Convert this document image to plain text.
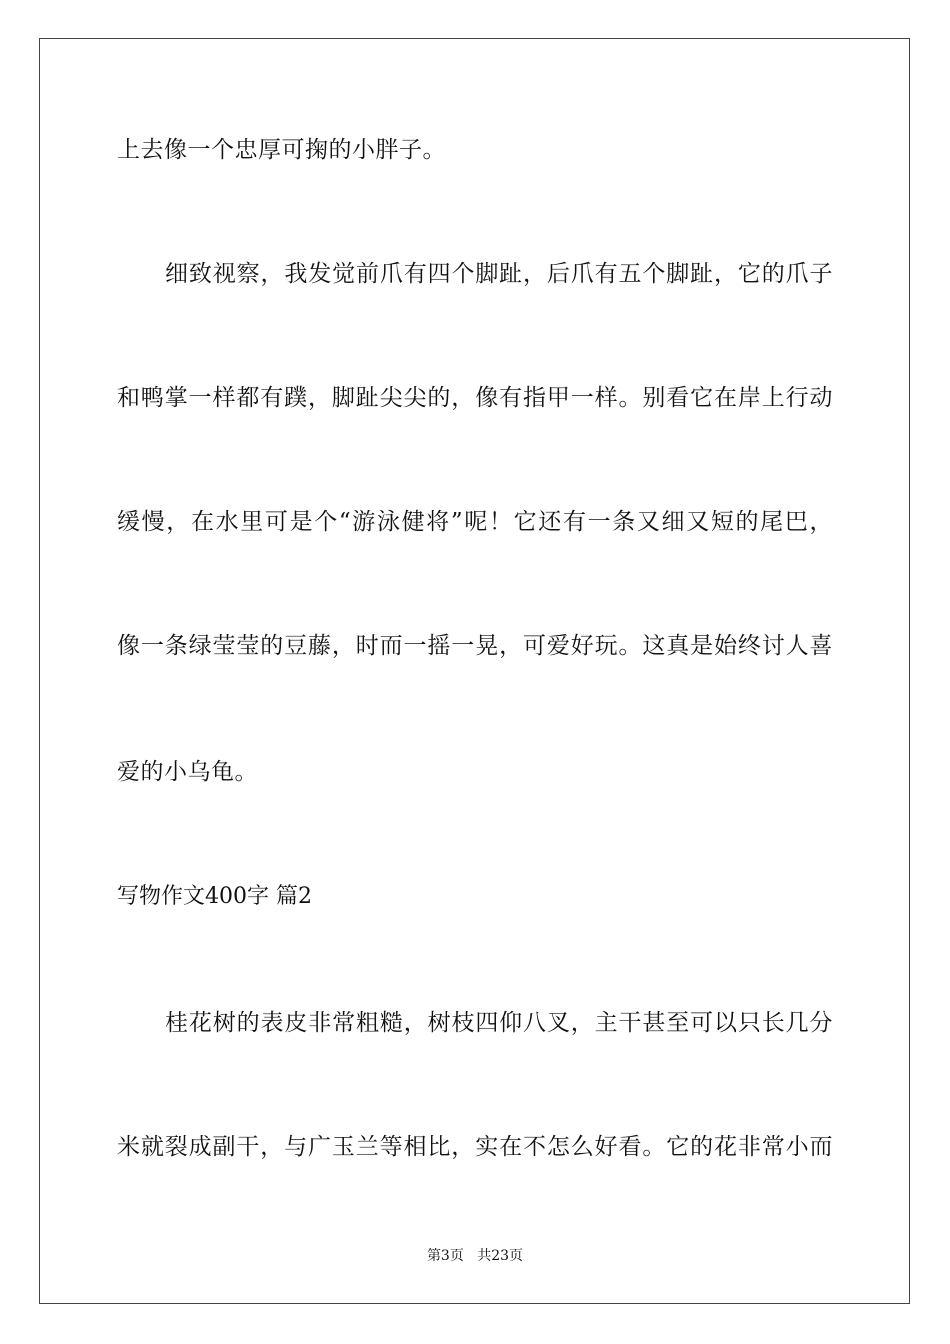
上去像一个忠厚可掬的小胖子。
细致视察，我发觉前爪有四个脚趾，后爪有五个脚趾，它的爪子
和鸭掌一样都有蹼，脚趾尖尖的，像有指甲一样。别看它在岸上行动
缓慢，在水里可是个“游泳健将”呢！它还有一条又细又短的尾巴，
像一条绿莹莹的豆藤，时而一摇一晃，可爱好玩。这真是始终讨人喜
爱的小乌龟。
写物作文400字 篇2
桂花树的表皮非常粗糙，树枝四仰八叉，主干甚至可以只长几分
米就裂成副干，与广玉兰等相比，实在不怎么好看。它的花非常小而
第3页 共23页
